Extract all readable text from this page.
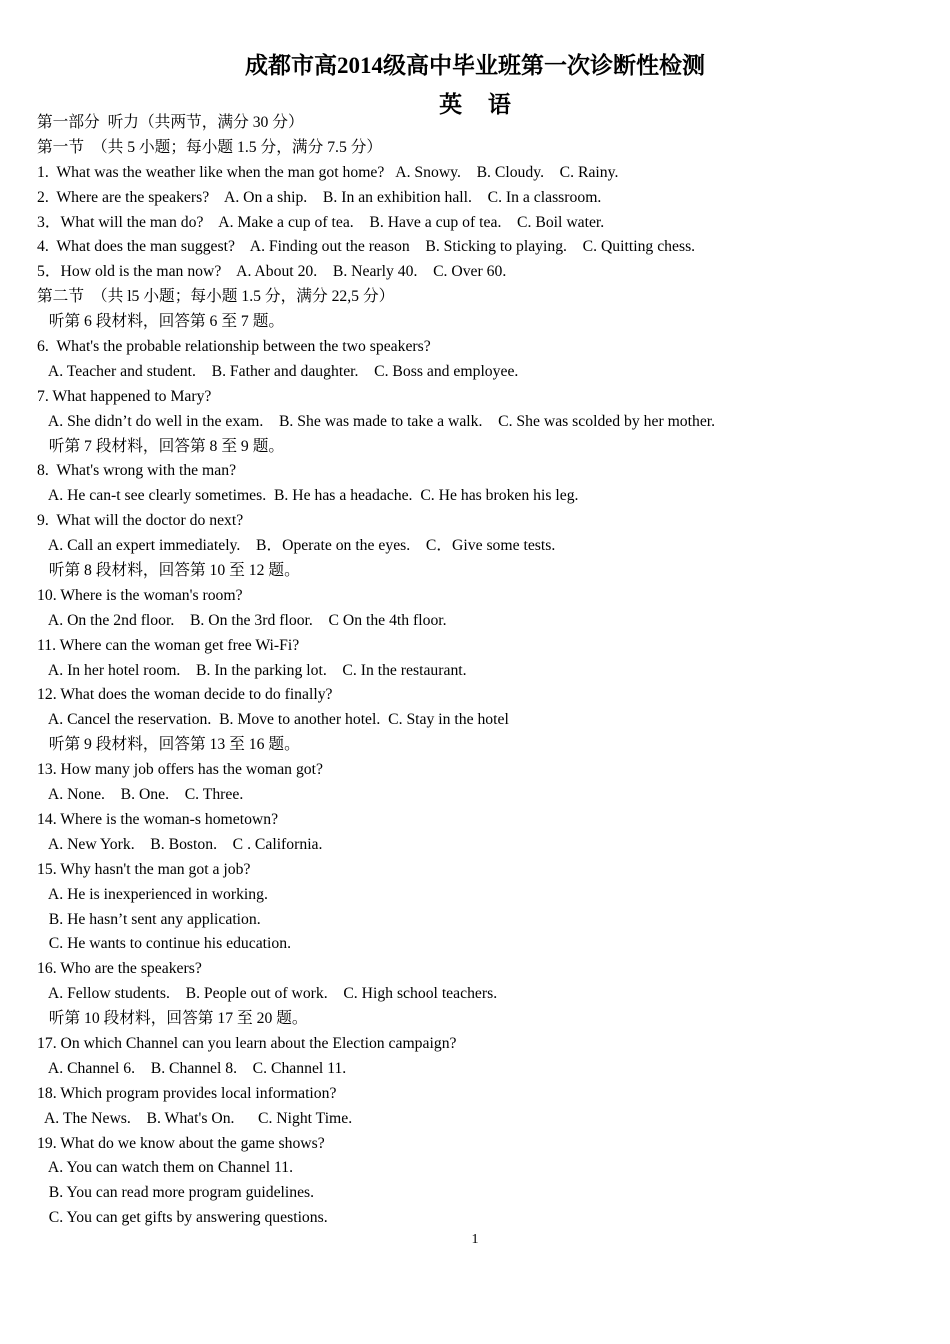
成都市高2014级高中毕业班第一次诊断性检测
英 语
第一部分  听力（共两节，满分 30 分）
第一节  （共 5 小题；每小题 1.5 分，满分 7.5 分）
1.  What was the weather like when the man got home?   A. Snowy.    B. Cloudy.    C. Rainy.
2.  Where are the speakers?    A. On a ship.    B. In an exhibition hall.    C. In a classroom.
3．What will the man do?    A. Make a cup of tea.    B. Have a cup of tea.    C. Boil water.
4.  What does the man suggest?    A. Finding out the reason    B. Sticking to playing.    C. Quitting chess.
5．How old is the man now?    A. About 20.    B. Nearly 40.    C. Over 60.
第二节  （共 l5 小题；每小题 1.5 分，满分 22,5 分）
听第 6 段材料，回答第 6 至 7 题。
6.  What's the probable relationship between the two speakers?
A. Teacher and student.    B. Father and daughter.    C. Boss and employee.
7. What happened to Mary?
A. She didn’t do well in the exam.    B. She was made to take a walk.    C. She was scolded by her mother.
听第 7 段材料，回答第 8 至 9 题。
8.  What's wrong with the man?
A. He can-t see clearly sometimes.  B. He has a headache.  C. He has broken his leg.
9.  What will the doctor do next?
A. Call an expert immediately.    B．Operate on the eyes.    C．Give some tests.
听第 8 段材料，回答第 10 至 12 题。
10. Where is the woman's room?
A. On the 2nd floor.    B. On the 3rd floor.    C On the 4th floor.
11. Where can the woman get free Wi-Fi?
A. In her hotel room.    B. In the parking lot.    C. In the restaurant.
12. What does the woman decide to do finally?
A. Cancel the reservation.  B. Move to another hotel.  C. Stay in the hotel
听第 9 段材料，回答第 13 至 16 题。
13. How many job offers has the woman got?
A. None.    B. One.    C. Three.
14. Where is the woman-s hometown?
A. New York.    B. Boston.    C . California.
15. Why hasn't the man got a job?
A. He is inexperienced in working.
B. He hasn’t sent any application.
C. He wants to continue his education.
16. Who are the speakers?
A. Fellow students.    B. People out of work.    C. High school teachers.
听第 10 段材料，回答第 17 至 20 题。
17. On which Channel can you learn about the Election campaign?
A. Channel 6.    B. Channel 8.    C. Channel 11.
18. Which program provides local information?
A. The News.    B. What's On.      C. Night Time.
19. What do we know about the game shows?
A. You can watch them on Channel 11.
B. You can read more program guidelines.
C. You can get gifts by answering questions.
1
